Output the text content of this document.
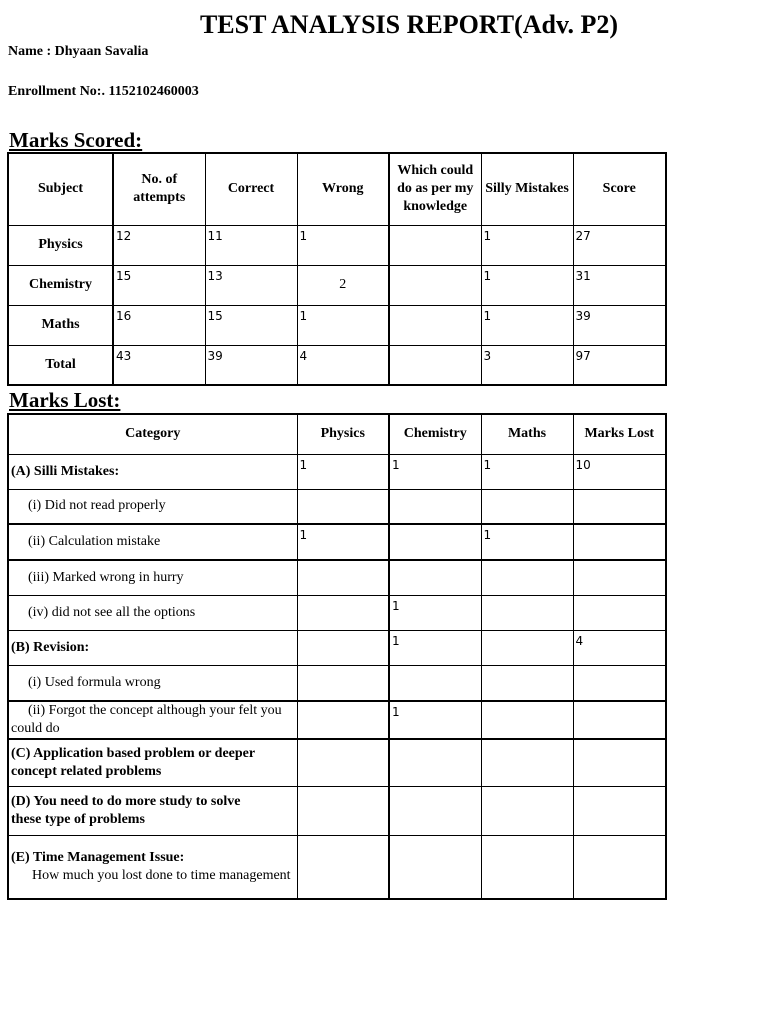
TEST ANALYSIS REPORT(Adv. P2)
Name : Dhyaan Savalia
Enrollment No:. 1152102460003
Marks Scored:
Subject	No. of attempts	Correct	Wrong	Which could do as per my knowledge	Silly Mistakes	Score
Physics	12	11	1		1	27
Chemistry	15	13	2		1	31
Maths	16	15	1		1	39
Total	43	39	4		3	97
Marks Lost:
Category	Physics	Chemistry	Maths	Marks Lost
(A) Silli Mistakes:	1	1	1	10
(i) Did not read properly				
(ii) Calculation mistake	1		1	
(iii) Marked wrong in hurry				
(iv) did not see all the options		1		
(B) Revision:		1		4
(i) Used formula wrong				
(ii) Forgot the concept although your felt you could do		1		
(C) Application based problem or deeper concept related problems				
(D) You need to do more study to solve these type of problems				

(E) Time Management Issue:
How much you lost done to time management				
